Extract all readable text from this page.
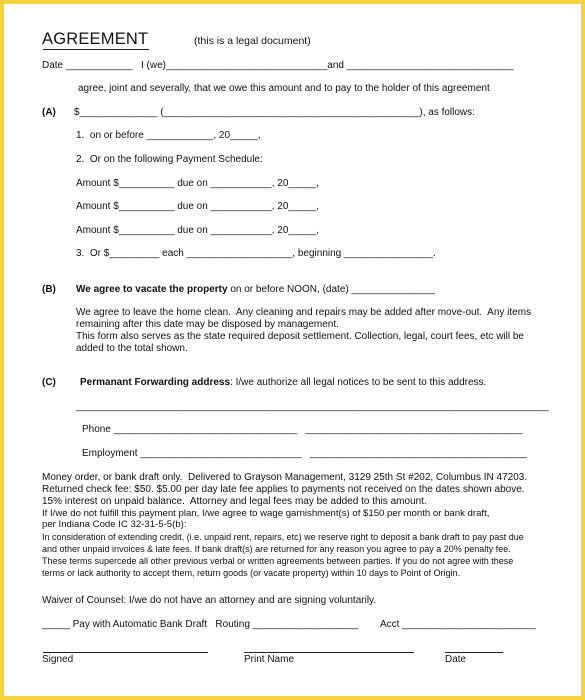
AGREEMENT	(this is a legal document)
Date ____________   I (we)_____________________________and ______________________________
agree, joint and severally, that we owe this amount and to pay to the holder of this agreement
(A) $______________ (______________________________________________), as follows:
1.  on or before ____________, 20_____,
2.  Or on the following Payment Schedule:
Amount $__________ due on ___________, 20_____,
Amount $__________ due on ___________, 20_____,
Amount $__________ due on ___________, 20_____,
3.  Or $_________ each ___________________, beginning ________________.
(B) We agree to vacate the property on or before NOON, (date) _______________
We agree to leave the home clean.  Any cleaning and repairs may be added after move-out.  Any items
remaining after this date may be disposed by management.
This form also serves as the state required deposit settlement. Collection, legal, court fees, etc will be
added to the total shown.
(C) Permanant Forwarding address: I/we authorize all legal notices to be sent to this address.
_____________________________________________________________________________________
Phone _________________________________   _______________________________________
Employment _____________________________   _______________________________________
Money order, or bank draft only.  Delivered to Grayson Management, 3129 25th St #202, Columbus IN 47203.
Returned check fee: $50. $5.00 per day late fee applies to payments not received on the dates shown above.
15% interest on unpaid balance.  Attorney and legal fees may be added to this amount.
If I/we do not fulfill this payment plan, I/we agree to wage garnishment(s) of $150 per month or bank draft,
per Indiana Code IC 32-31-5-5(b):
In consideration of extending credit, (i.e. unpaid rent, repairs, etc) we reserve right to deposit a bank draft to pay past due
and other unpaid invoices & late fees. If bank draft(s) are returned for any reason you agree to pay a 20% penalty fee.
These terms supercede all other previous verbal or written agreements between parties. If you do not agree with these
terms or lack authority to accept them, return goods (or vacate property) within 10 days to Point of Origin.
Waiver of Counsel: I/we do not have an attorney and are signing voluntarily.
_____ Pay with Automatic Bank Draft   Routing ___________________        Acct ________________________
Signed	Print Name	Date
